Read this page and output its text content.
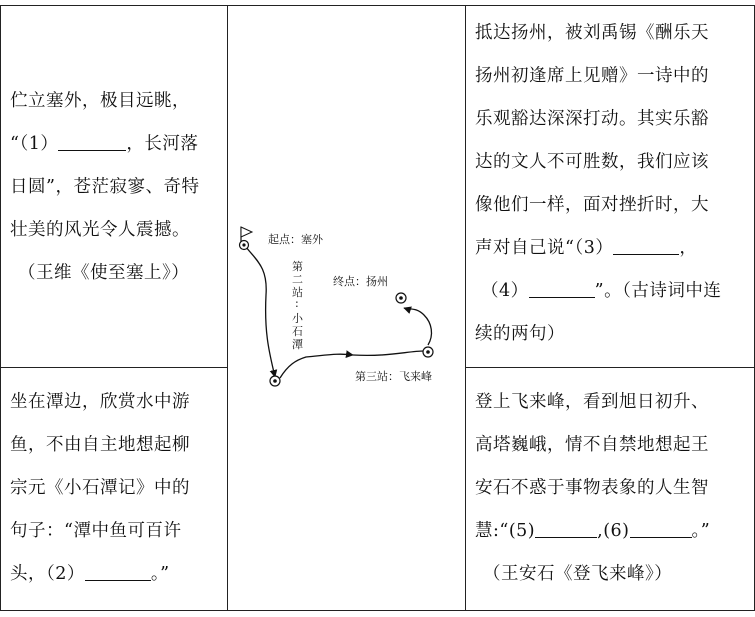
伫立塞外，极目远眺，

“（1）	，长河落

日圆”，苍茫寂寥、奇特

壮美的风光令人震撼。

（王维《使至塞上》）

坐在潭边，欣赏水中游

鱼，不由自主地想起柳

宗元《小石潭记》中的

句子：“潭中鱼可百许

头，（2）	。”

抵达扬州，被刘禹锡《酬乐天

扬州初逢席上见赠》一诗中的

乐观豁达深深打动。其实乐豁

达的文人不可胜数，我们应该

像他们一样，面对挫折时，大

声对自己说“（3）	，

（4）	”。（古诗词中连

续的两句）

登上飞来峰，看到旭日初升、

高塔巍峨，情不自禁地想起王

安石不惑于事物表象的人生智

慧:“(5)	,(6)	。”

（王安石《登飞来峰》）

起点：塞外
终点：扬州
第三站：飞来峰
第
二
站
:
小
石
潭
